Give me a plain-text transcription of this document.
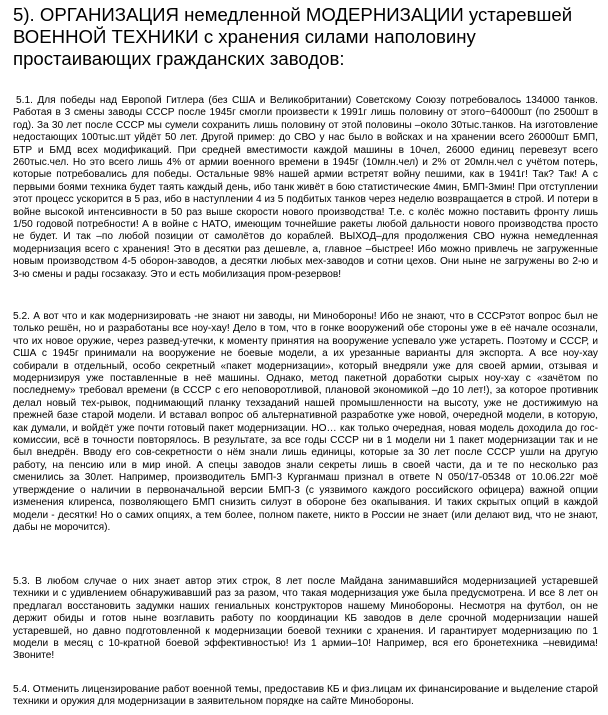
5). ОРГАНИЗАЦИЯ немедленной МОДЕРНИЗАЦИИ устаревшей
ВОЕННОЙ ТЕХНИКИ с хранения силами наполовину
простаивающих гражданских заводов:

5.1. Для победы над Европой Гитлера (без США и Великобритании) Советскому Союзу потребовалось 134000 танков. Работая в 3 смены заводы СССР после 1945г смогли произвести к 1991г лишь половину от этого~64000шт (по 2500шт в год). За 30 лет после СССР мы сумели сохранить лишь половину от этой половины –около 30тыс.танков. На изготовление недостающих 100тыс.шт уйдёт 50 лет. Другой пример: до СВО у нас было в войсках и на хранении всего 26000шт БМП, БТР и БМД всех модификаций. При средней вместимости каждой машины в 10чел, 26000 единиц перевезут всего 260тыс.чел. Но это всего лишь 4% от армии военного времени в 1945г (10млн.чел) и 2% от 20млн.чел с учётом потерь, которые потребовались для победы. Остальные 98% нашей армии встретят войну пешими, как в 1941г! Так? Так! А с первыми боями техника будет таять каждый день, ибо танк живёт в бою статистические 4мин, БМП-3мин! При отступлении этот процесс ускорится в 5 раз, ибо в наступлении 4 из 5 подбитых танков через неделю возвращается в строй. И потери в войне высокой интенсивности в 50 раз выше скорости нового производства! Т.е. с колёс можно поставить фронту лишь 1/50 годовой потребности! А в войне с НАТО, имеющим точнейшие ракеты любой дальности нового производства просто не будет. И так –по любой позиции от самолётов до кораблей. ВЫХОД–для продолжения СВО нужна немедленная модернизация всего с хранения! Это в десятки раз дешевле, а, главное –быстрее! Ибо можно привлечь не загруженные новым производством 4-5 оборон-заводов, а десятки любых мех-заводов и сотни цехов. Они ныне не загружены во 2-ю и 3-ю смены и рады госзаказу. Это и есть мобилизация пром-резервов!

5.2. А вот что и как модернизировать -не знают ни заводы, ни Минобороны! Ибо не знают, что в СССРэтот вопрос был не только решён, но и разработаны все ноу-хау! Дело в том, что в гонке вооружений обе стороны уже в её начале осознали, что их новое оружие, через развед-утечки, к моменту принятия на вооружение успевало уже устареть. Поэтому и СССР, и США с 1945г принимали на вооружение не боевые модели, а их урезанные варианты для экспорта. А все ноу-хау собирали в отдельный, особо секретный «пакет модернизации», который внедряли уже для своей армии, отзывая и модернизируя уже поставленные в неё машины. Однако, метод пакетной доработки сырых ноу-хау с «зачётом по последнему» требовал времени (в СССР с его неповоротливой, плановой экономикой –до 10 лет!), за которое противник делал новый тех-рывок, поднимающий планку техзаданий нашей промышленности на высоту, уже не достижимую на прежней базе старой модели. И вставал вопрос об альтернативной разработке уже новой, очередной модели, в которую, как думали, и войдёт уже почти готовый пакет модернизации. НО… как только очередная, новая модель доходила до гос-комиссии, всё в точности повторялось. В результате, за все годы СССР ни в 1 модели ни 1 пакет модернизации так и не был внедрён. Вводу его сов-секретности о нём знали лишь единицы, которые за 30 лет после СССР ушли на другую работу, на пенсию или в мир иной. А спецы заводов знали секреты лишь в своей части, да и те по несколько раз сменились за 30лет. Например, производитель БМП-3 Курганмаш признал в ответе N 050/17-05348 от 10.06.22г моё утверждение о наличии в первоначальной версии БМП-3 (с уязвимого каждого российского офицера) важной опции изменения клиренса, позволяющего БМП снизить силуэт в обороне без окапывания. И таких скрытых опций в каждой модели - десятки! Но о самих опциях, а тем более, полном пакете, никто в России не знает (или делают вид, что не знают, дабы не морочится).

5.3. В любом случае о них знает автор этих строк, 8 лет после Майдана занимавшийся модернизацией устаревшей техники и с удивлением обнаруживавший раз за разом, что такая модернизация уже была предусмотрена. И все 8 лет он предлагал восстановить задумки наших гениальных конструкторов нашему Минобороны. Несмотря на футбол, он не держит обиды и готов ныне возглавить работу по координации КБ заводов в деле срочной модернизации нашей устаревшей, но давно подготовленной к модернизации боевой техники с хранения. И гарантирует модернизацию по 1 модели в месяц с 10-кратной боевой эффективностью! Из 1 армии–10! Например, вся его бронетехника –невидима! Звоните!

5.4. Отменить лицензирование работ военной темы, предоставив КБ и физ.лицам их финансирование и выделение старой техники и оружия для модернизации в заявительном порядке на сайте Минобороны.
